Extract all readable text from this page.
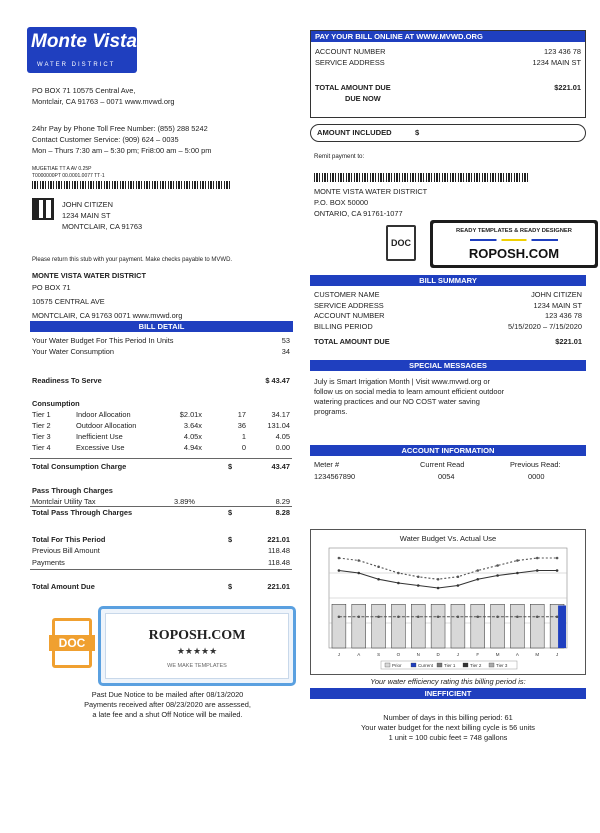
Monte Vista
WATER DISTRICT
PO BOX 71 10575 Central Ave,
Montclair, CA 91763 – 0071 www.mvwd.org
24hr Pay by Phone Toll Free Number: (855) 288 5242
Contact Customer Service: (909) 624 – 0035
Mon – Thurs 7:30 am – 5:30 pm; Fri8:00 am – 5:00 pm
MUGETIAE TT A AV 0.25P
T0000000PT 00.0001.0077 TT·1
JOHN CITIZEN
1234 MAIN ST
MONTCLAIR, CA 91763
Please return this stub with your payment. Make checks payable to MVWD.
MONTE VISTA WATER DISTRICT
PO BOX 71
10575 CENTRAL AVE
MONTCLAIR, CA 91763 0071 www.mvwd.org
BILL DETAIL
Your Water Budget For This Period In Units	53
Your Water Consumption	34
Readiness To Serve	$ 43.47
Consumption
Tier 1	Indoor Allocation	$2.01x	17	34.17
Tier 2	Outdoor Allocation	3.64x	36	131.04
Tier 3	Inefficient Use	4.05x	1	4.05
Tier 4	Excessive Use	4.94x	0	0.00
Total Consumption Charge	$	43.47
Pass Through Charges
Montclair Utility Tax	3.89%	8.29
Total Pass Through Charges	$	8.28
Total For This Period	$	221.01
Previous Bill Amount	118.48
Payments	118.48
Total Amount Due	$	221.01
DOC	ROPOSH.COM
★★★★★
WE MAKE TEMPLATES
Past Due Notice to be mailed after 08/13/2020
Payments received after 08/23/2020 are assessed,
a late fee and a shut Off Notice will be mailed.
PAY YOUR BILL ONLINE AT WWW.MVWD.ORG
ACCOUNT NUMBER	123 436 78
SERVICE ADDRESS	1234 MAIN ST
TOTAL AMOUNT DUE	$221.01
DUE NOW
AMOUNT INCLUDED	$
Remit payment to:
MONTE VISTA WATER DISTRICT
P.O. BOX 50000
ONTARIO, CA 91761-1077
DOC
READY TEMPLATES & READY DESIGNER
ROPOSH.COM
BILL SUMMARY
CUSTOMER NAME	JOHN CITIZEN
SERVICE ADDRESS	1234 MAIN ST
ACCOUNT NUMBER	123 436 78
BILLING PERIOD	5/15/2020 – 7/15/2020
TOTAL AMOUNT DUE	$221.01
SPECIAL MESSAGES
July is Smart Irrigation Month | Visit www.mvwd.org or
follow us on social media to learn amount efficient outdoor
watering practices and our NO COST water saving
programs.
ACCOUNT INFORMATION
Meter #	Current Read	Previous Read:
1234567890	0054	0000
Water Budget Vs. Actual Use
J	A	S	O	N	D	J	F	M	A	M	J
Prior	Current Tier 1	Tier 2	Tier 3
Your water efficiency rating this billing period is:
INEFFICIENT
Number of days in this billing period: 61
Your water budget for the next billing cycle is 56 units
1 unit = 100 cubic feet = 748 gallons
